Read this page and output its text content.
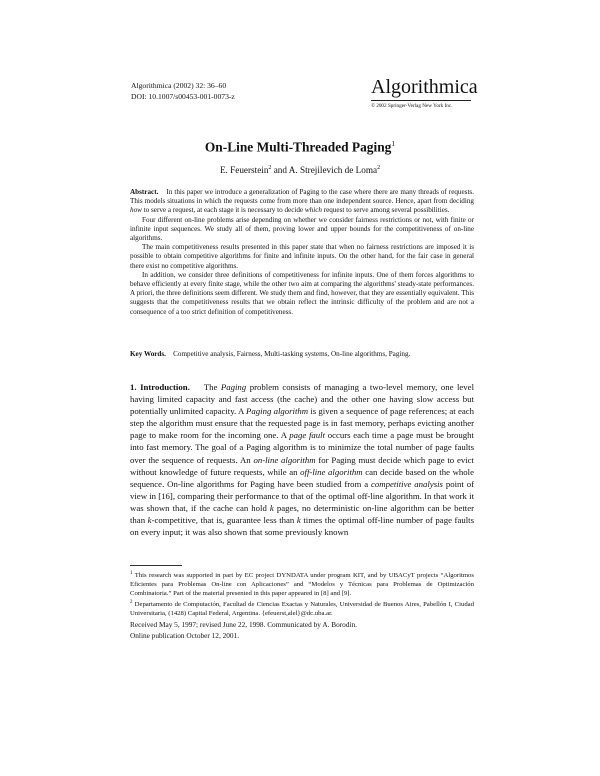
Algorithmica (2002) 32: 36–60
DOI: 10.1007/s00453-001-0073-z	Algorithmica
© 2002 Springer-Verlag New York Inc.
On-Line Multi-Threaded Paging$^1$
E. Feuerstein$^2$ and A. Strejilevich de Loma$^2$

Abstract. In this paper we introduce a generalization of Paging to the case where there are many threads of requests. This models situations in which the requests come from more than one independent source. Hence, apart from deciding how to serve a request, at each stage it is necessary to decide which request to serve among several possibilities.

Four different on-line problems arise depending on whether we consider fairness restrictions or not, with finite or infinite input sequences. We study all of them, proving lower and upper bounds for the competitiveness of on-line algorithms.

The main competitiveness results presented in this paper state that when no fairness restrictions are imposed it is possible to obtain competitive algorithms for finite and infinite inputs. On the other hand, for the fair case in general there exist no competitive algorithms.

In addition, we consider three definitions of competitiveness for infinite inputs. One of them forces algorithms to behave efficiently at every finite stage, while the other two aim at comparing the algorithms' steady-state performances. A priori, the three definitions seem different. We study them and find, however, that they are essentially equivalent. This suggests that the competitiveness results that we obtain reflect the intrinsic difficulty of the problem and are not a consequence of a too strict definition of competitiveness.

Key Words. Competitive analysis, Fairness, Multi-tasking systems, On-line algorithms, Paging.

1. Introduction. The Paging problem consists of managing a two-level memory, one level having limited capacity and fast access (the cache) and the other one having slow access but potentially unlimited capacity. A Paging algorithm is given a sequence of page references; at each step the algorithm must ensure that the requested page is in fast memory, perhaps evicting another page to make room for the incoming one. A page fault occurs each time a page must be brought into fast memory. The goal of a Paging algorithm is to minimize the total number of page faults over the sequence of requests. An on-line algorithm for Paging must decide which page to evict without knowledge of future requests, while an off-line algorithm can decide based on the whole sequence. On-line algorithms for Paging have been studied from a competitive analysis point of view in [16], comparing their performance to that of the optimal off-line algorithm. In that work it was shown that, if the cache can hold k pages, no deterministic on-line algorithm can be better than k-competitive, that is, guarantee less than k times the optimal off-line number of page faults on every input; it was also shown that some previously known

$^1$ This research was supported in part by EC project DYNDATA under program KIT, and by UBACyT projects “Algoritmos Eficientes para Problemas On-line con Aplicaciones” and “Modelos y Técnicas para Problemas de Optimización Combinatoria.” Part of the material presented in this paper appeared in [8] and [9].

$^2$ Departamento de Computación, Facultad de Ciencias Exactas y Naturales, Universidad de Buenos Aires, Pabellón I, Ciudad Universitaria, (1428) Capital Federal, Argentina. {efeuerst,alel}@dc.uba.ar.

Received May 5, 1997; revised June 22, 1998. Communicated by A. Borodin.
Online publication October 12, 2001.
